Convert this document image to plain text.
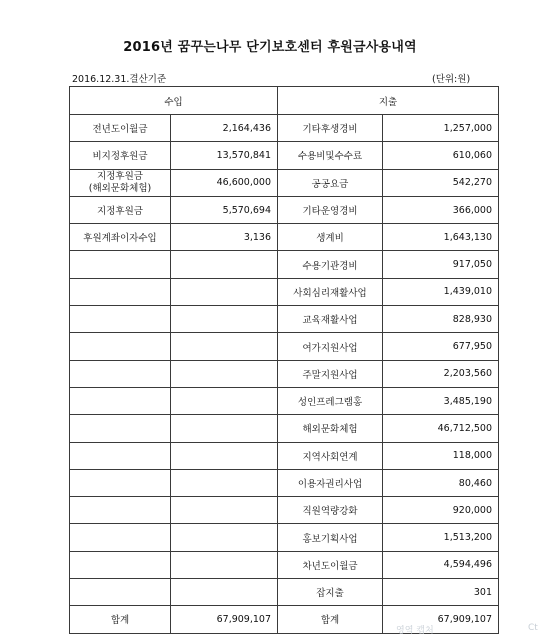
2016년 꿈꾸는나무 단기보호센터 후원금사용내역
2016.12.31.결산기준	(단위:원)
수입		지출	
전년도이월금	2,164,436	기타후생경비	1,257,000
비지정후원금	13,570,841	수용비및수수료	610,060

지정후원금
(해외문화체험)	46,600,000	공공요금	542,270
지정후원금	5,570,694	기타운영경비	366,000
후원계좌이자수입	3,136	생계비	1,643,130
		수용기관경비	917,050
		사회심리재활사업	1,439,010
		교육재활사업	828,930
		여가지원사업	677,950
		주말지원사업	2,203,560
		성인프레그램홍	3,485,190
		해외문화체험	46,712,500
		지역사회연계	118,000
		이용자권리사업	80,460
		직원역량강화	920,000
		홍보기획사업	1,513,200
		차년도이월금	4,594,496
		잡지출	301
합계	67,909,107	합계	67,909,107
영역 캡처	Ct
